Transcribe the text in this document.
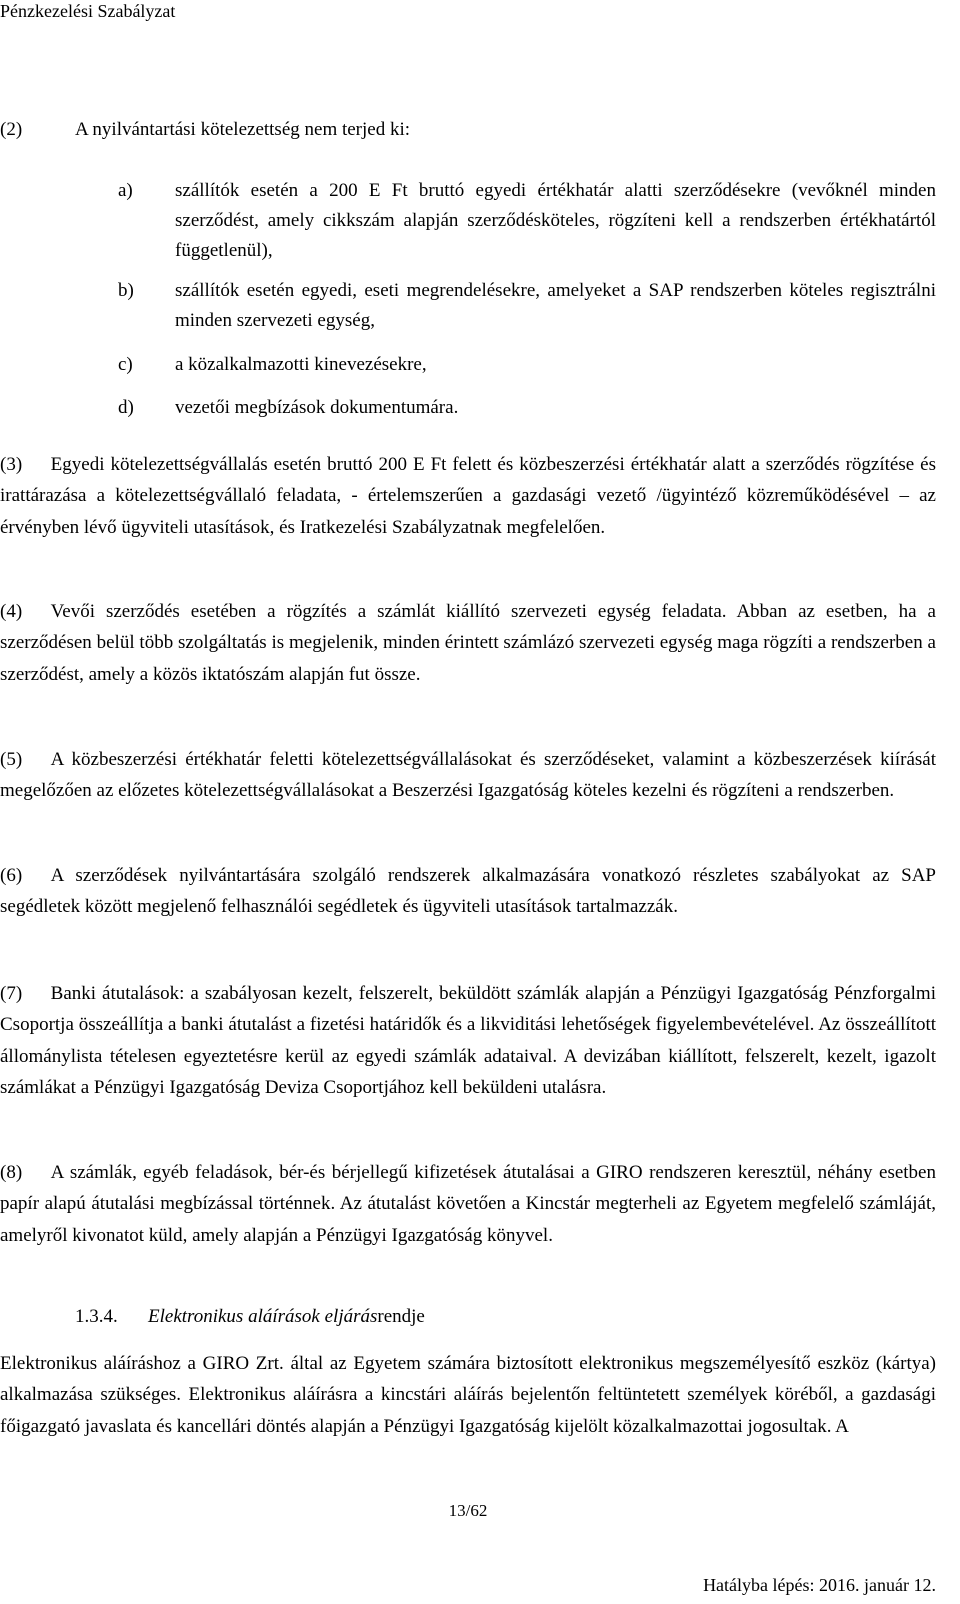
Pénzkezelési Szabályzat
(2)	A nyilvántartási kötelezettség nem terjed ki:
a) szállítók esetén a 200 E Ft bruttó egyedi értékhatár alatti szerződésekre (vevőknél minden szerződést, amely cikkszám alapján szerződésköteles, rögzíteni kell a rendszerben értékhatártól függetlenül),

b) szállítók esetén egyedi, eseti megrendelésekre, amelyeket a SAP rendszerben köteles regisztrálni minden szervezeti egység,

c) a közalkalmazotti kinevezésekre,

d) vezetői megbízások dokumentumára.

(3)  Egyedi kötelezettségvállalás esetén bruttó 200 E Ft felett és közbeszerzési értékhatár alatt a szerződés rögzítése és irattárazása a kötelezettségvállaló feladata, - értelemszerűen a gazdasági vezető /ügyintéző közreműködésével – az érvényben lévő ügyviteli utasítások, és Iratkezelési Szabályzatnak megfelelően.

(4)  Vevői szerződés esetében a rögzítés a számlát kiállító szervezeti egység feladata. Abban az esetben, ha a szerződésen belül több szolgáltatás is megjelenik, minden érintett számlázó szervezeti egység maga rögzíti a rendszerben a szerződést, amely a közös iktatószám alapján fut össze.

(5)  A közbeszerzési értékhatár feletti kötelezettségvállalásokat és szerződéseket, valamint a közbeszerzések kiírását megelőzően az előzetes kötelezettségvállalásokat a Beszerzési Igazgatóság köteles kezelni és rögzíteni a rendszerben.

(6)  A szerződések nyilvántartására szolgáló rendszerek alkalmazására vonatkozó részletes szabályokat az SAP segédletek között megjelenő felhasználói segédletek és ügyviteli utasítások tartalmazzák.

(7)  Banki átutalások: a szabályosan kezelt, felszerelt, beküldött számlák alapján a Pénzügyi Igazgatóság Pénzforgalmi Csoportja összeállítja a banki átutalást a fizetési határidők és a likviditási lehetőségek figyelembevételével. Az összeállított állománylista tételesen egyeztetésre kerül az egyedi számlák adataival. A devizában kiállított, felszerelt, kezelt, igazolt számlákat a Pénzügyi Igazgatóság Deviza Csoportjához kell beküldeni utalásra.

(8)  A számlák, egyéb feladások, bér-és bérjellegű kifizetések átutalásai a GIRO rendszeren keresztül, néhány esetben papír alapú átutalási megbízással történnek. Az átutalást követően a Kincstár megterheli az Egyetem megfelelő számláját, amelyről kivonatot küld, amely alapján a Pénzügyi Igazgatóság könyvel.

1.3.4. Elektronikus aláírások eljárásrendje

Elektronikus aláíráshoz a GIRO Zrt. által az Egyetem számára biztosított elektronikus megszemélyesítő eszköz (kártya) alkalmazása szükséges. Elektronikus aláírásra a kincstári aláírás bejelentőn feltüntetett személyek köréből, a gazdasági főigazgató javaslata és kancellári döntés alapján a Pénzügyi Igazgatóság kijelölt közalkalmazottai jogosultak. A

13/62
Hatályba lépés: 2016. január 12.
